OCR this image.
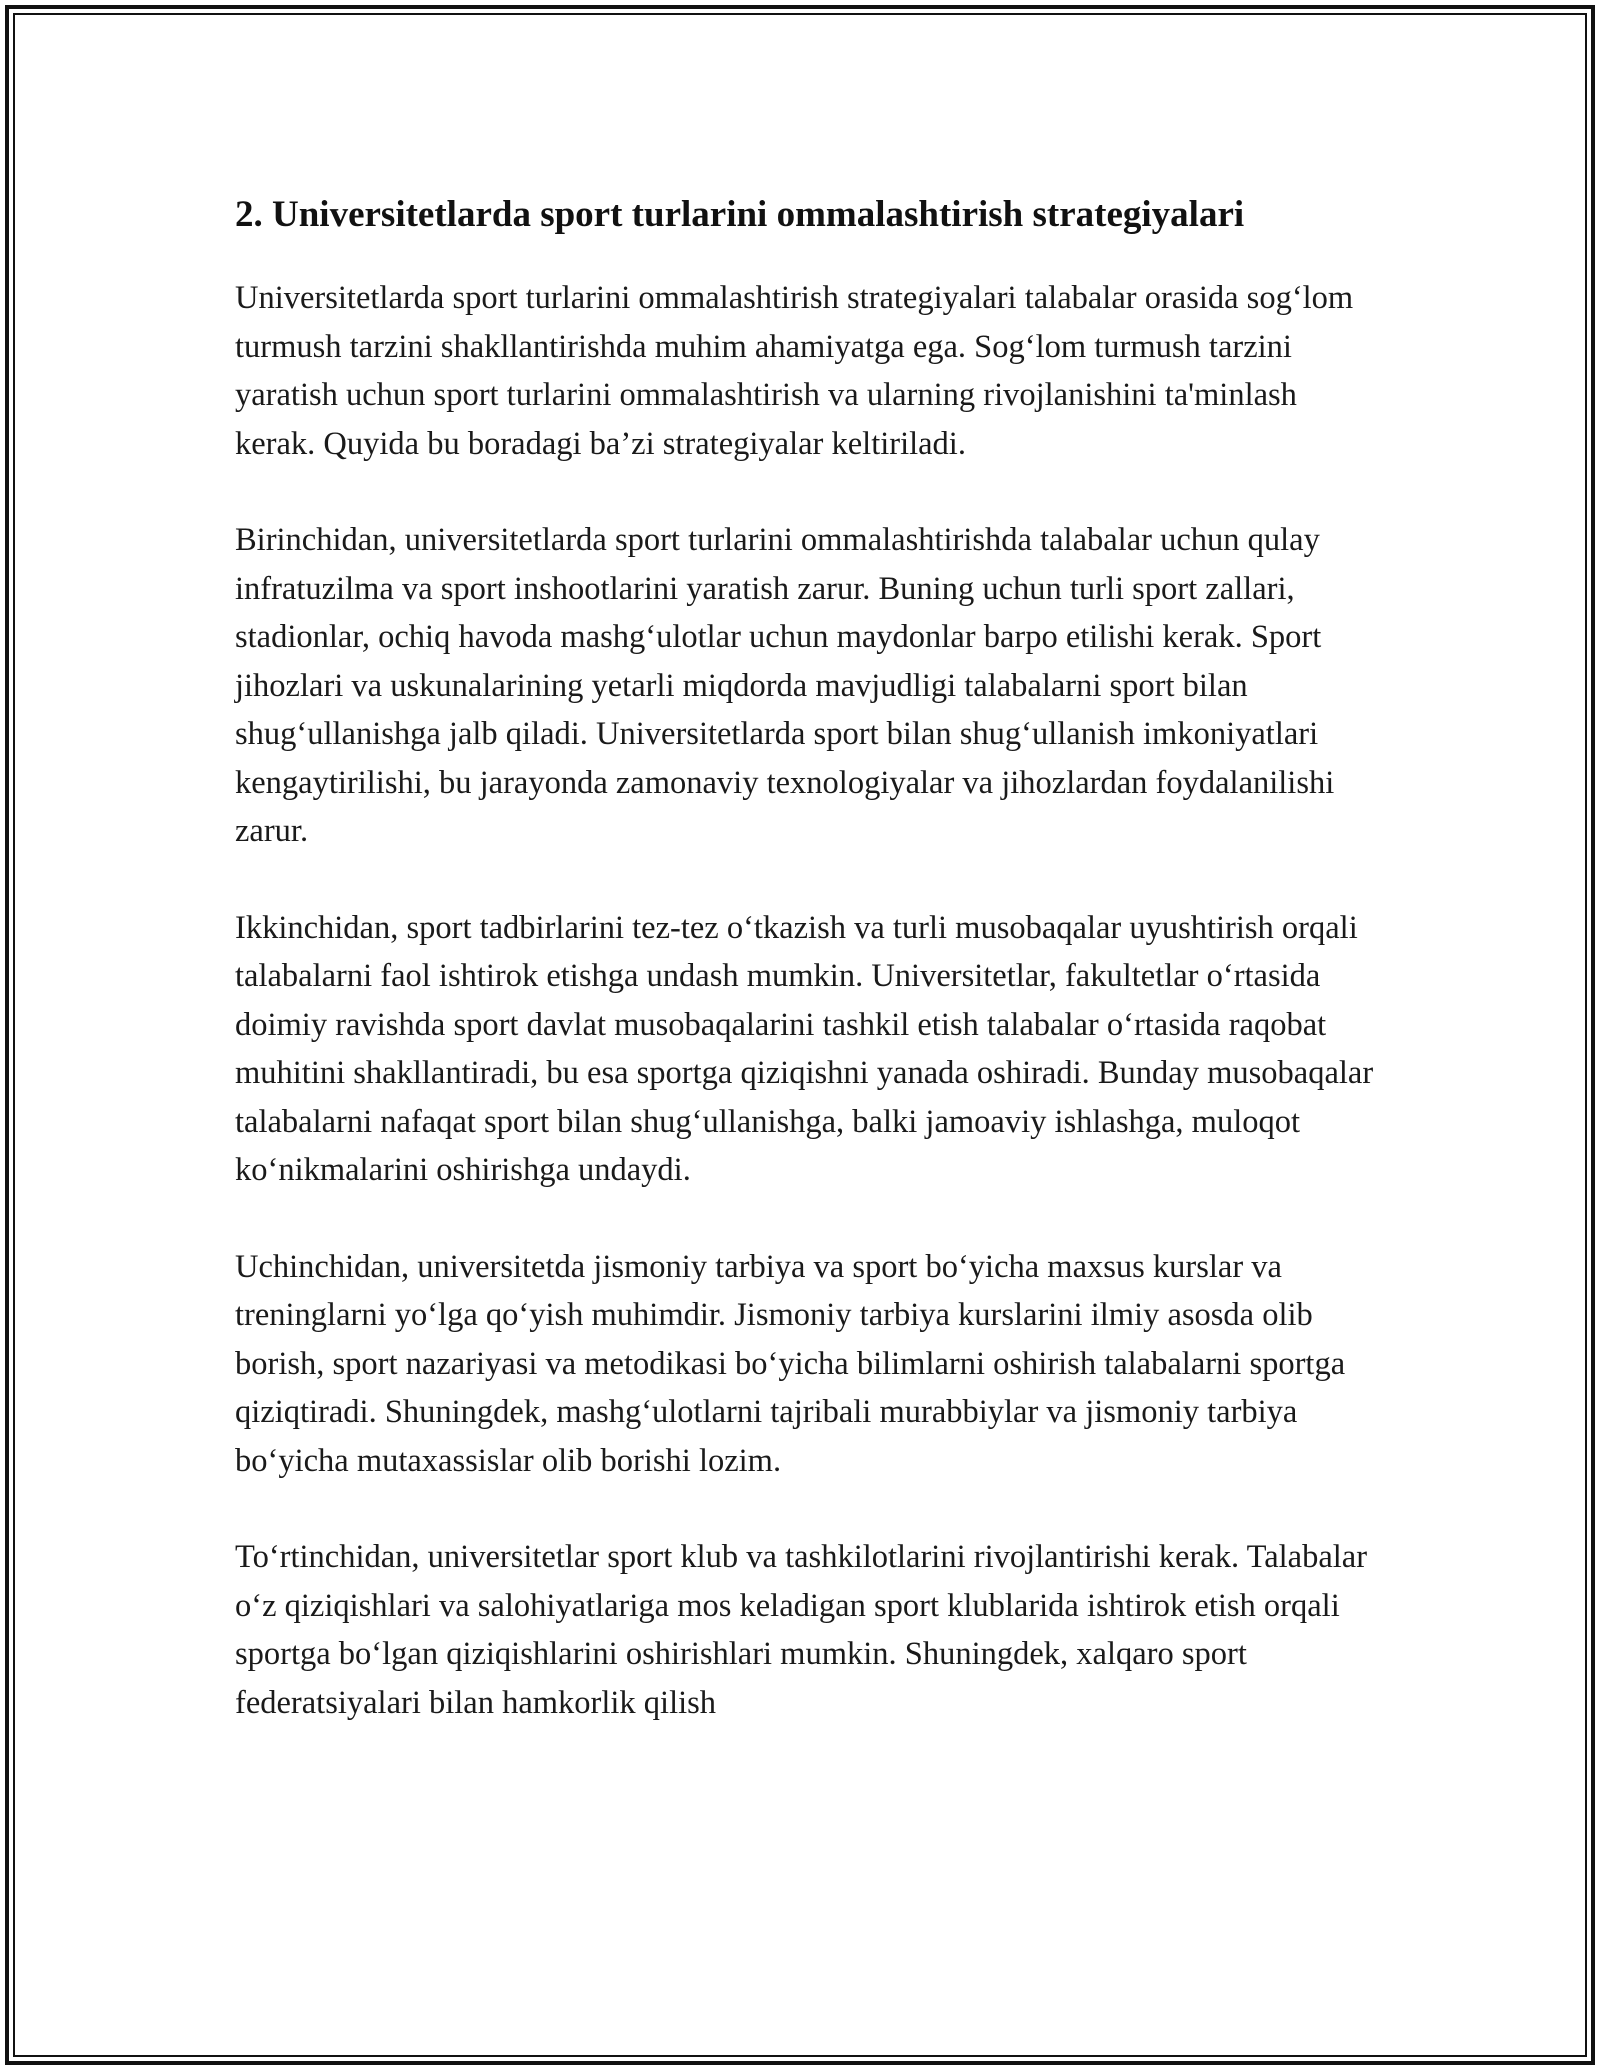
2. Universitetlarda sport turlarini ommalashtirish strategiyalari

Universitetlarda sport turlarini ommalashtirish strategiyalari talabalar orasida sog‘lom turmush tarzini shakllantirishda muhim ahamiyatga ega. Sog‘lom turmush tarzini yaratish uchun sport turlarini ommalashtirish va ularning rivojlanishini ta'minlash kerak. Quyida bu boradagi ba’zi strategiyalar keltiriladi.

Birinchidan, universitetlarda sport turlarini ommalashtirishda talabalar uchun qulay infratuzilma va sport inshootlarini yaratish zarur. Buning uchun turli sport zallari, stadionlar, ochiq havoda mashg‘ulotlar uchun maydonlar barpo etilishi kerak. Sport jihozlari va uskunalarining yetarli miqdorda mavjudligi talabalarni sport bilan shug‘ullanishga jalb qiladi. Universitetlarda sport bilan shug‘ullanish imkoniyatlari kengaytirilishi, bu jarayonda zamonaviy texnologiyalar va jihozlardan foydalanilishi zarur.

Ikkinchidan, sport tadbirlarini tez-tez o‘tkazish va turli musobaqalar uyushtirish orqali talabalarni faol ishtirok etishga undash mumkin. Universitetlar, fakultetlar o‘rtasida doimiy ravishda sport davlat musobaqalarini tashkil etish talabalar o‘rtasida raqobat muhitini shakllantiradi, bu esa sportga qiziqishni yanada oshiradi. Bunday musobaqalar talabalarni nafaqat sport bilan shug‘ullanishga, balki jamoaviy ishlashga, muloqot ko‘nikmalarini oshirishga undaydi.

Uchinchidan, universitetda jismoniy tarbiya va sport bo‘yicha maxsus kurslar va treninglarni yo‘lga qo‘yish muhimdir. Jismoniy tarbiya kurslarini ilmiy asosda olib borish, sport nazariyasi va metodikasi bo‘yicha bilimlarni oshirish talabalarni sportga qiziqtiradi. Shuningdek, mashg‘ulotlarni tajribali murabbiylar va jismoniy tarbiya bo‘yicha mutaxassislar olib borishi lozim.

To‘rtinchidan, universitetlar sport klub va tashkilotlarini rivojlantirishi kerak. Talabalar o‘z qiziqishlari va salohiyatlariga mos keladigan sport klublarida ishtirok etish orqali sportga bo‘lgan qiziqishlarini oshirishlari mumkin. Shuningdek, xalqaro sport federatsiyalari bilan hamkorlik qilish
